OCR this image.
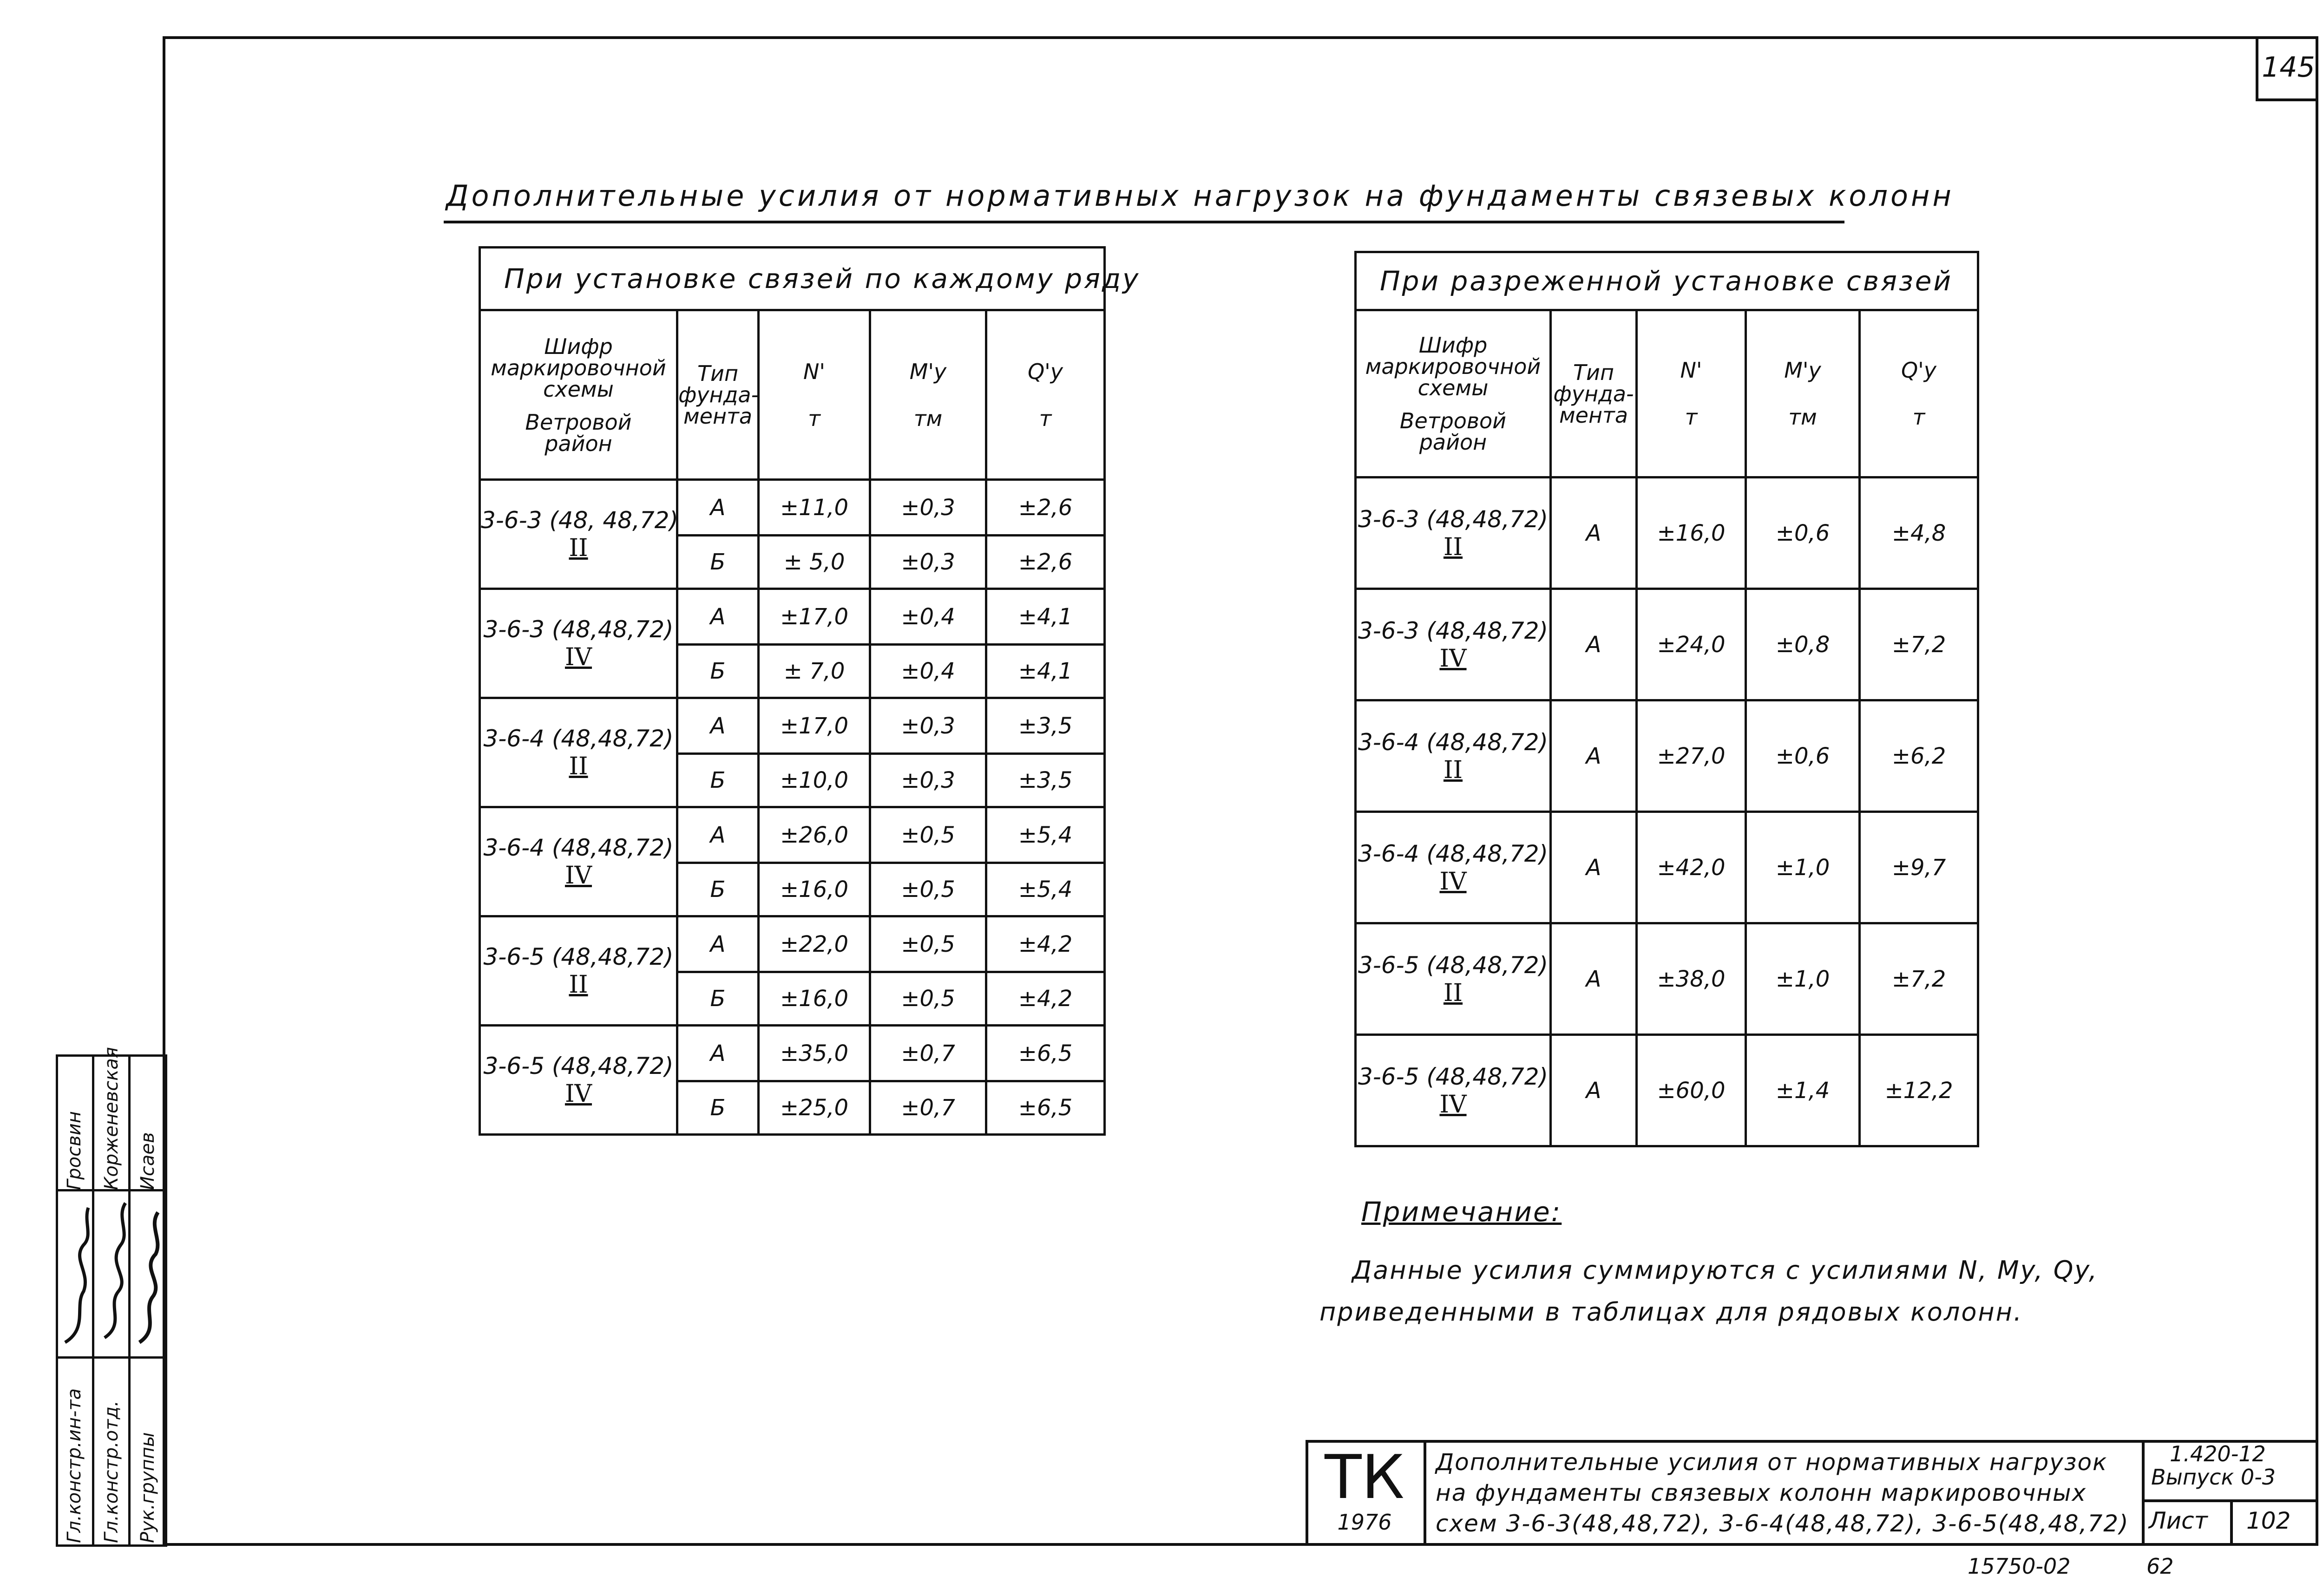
145
Дополнительные усилия от нормативных нагрузок на фундаменты связевых колонн
При установке связей по каждому ряду				

Шифр
маркировочной
схемы
Ветровой
район	Тип
фунда-
мента	N'
т	M'y
тм	Q'y
т

3-6-3 (48, 48,72)
II	А	±11,0	±0,3	±2,6
	Б	± 5,0	±0,3	±2,6
3-6-3 (48,48,72)
IV	А	±17,0	±0,4	±4,1
	Б	± 7,0	±0,4	±4,1
3-6-4 (48,48,72)
II	А	±17,0	±0,3	±3,5
	Б	±10,0	±0,3	±3,5
3-6-4 (48,48,72)
IV	А	±26,0	±0,5	±5,4
	Б	±16,0	±0,5	±5,4
3-6-5 (48,48,72)
II	А	±22,0	±0,5	±4,2
	Б	±16,0	±0,5	±4,2
3-6-5 (48,48,72)
IV	А	±35,0	±0,7	±6,5
	Б	±25,0	±0,7	±6,5
При разреженной установке связей				

Шифр
маркировочной
схемы
Ветровой
район	Тип
фунда-
мента	N'
т	M'y
тм	Q'y
т

3-6-3 (48,48,72)
II	А	±16,0	±0,6	±4,8
3-6-3 (48,48,72)
IV	А	±24,0	±0,8	±7,2
3-6-4 (48,48,72)
II	А	±27,0	±0,6	±6,2
3-6-4 (48,48,72)
IV	А	±42,0	±1,0	±9,7
3-6-5 (48,48,72)
II	А	±38,0	±1,0	±7,2
3-6-5 (48,48,72)
IV	А	±60,0	±1,4	±12,2
Примечание:
Данные усилия суммируются с усилиями N, My, Qy, приведенными в таблицах для рядовых колонн.
ТК
1976
Дополнительные усилия от нормативных нагрузок на фундаменты связевых колонн маркировочных схем 3-6-3(48,48,72), 3-6-4(48,48,72), 3-6-5(48,48,72)
1.420-12
Выпуск 0-3
Лист 102
15750-02	62
Гл.констр.ин-таГросвин
Гл.констр.отд.Корженевская
Рук.группыИсаев
